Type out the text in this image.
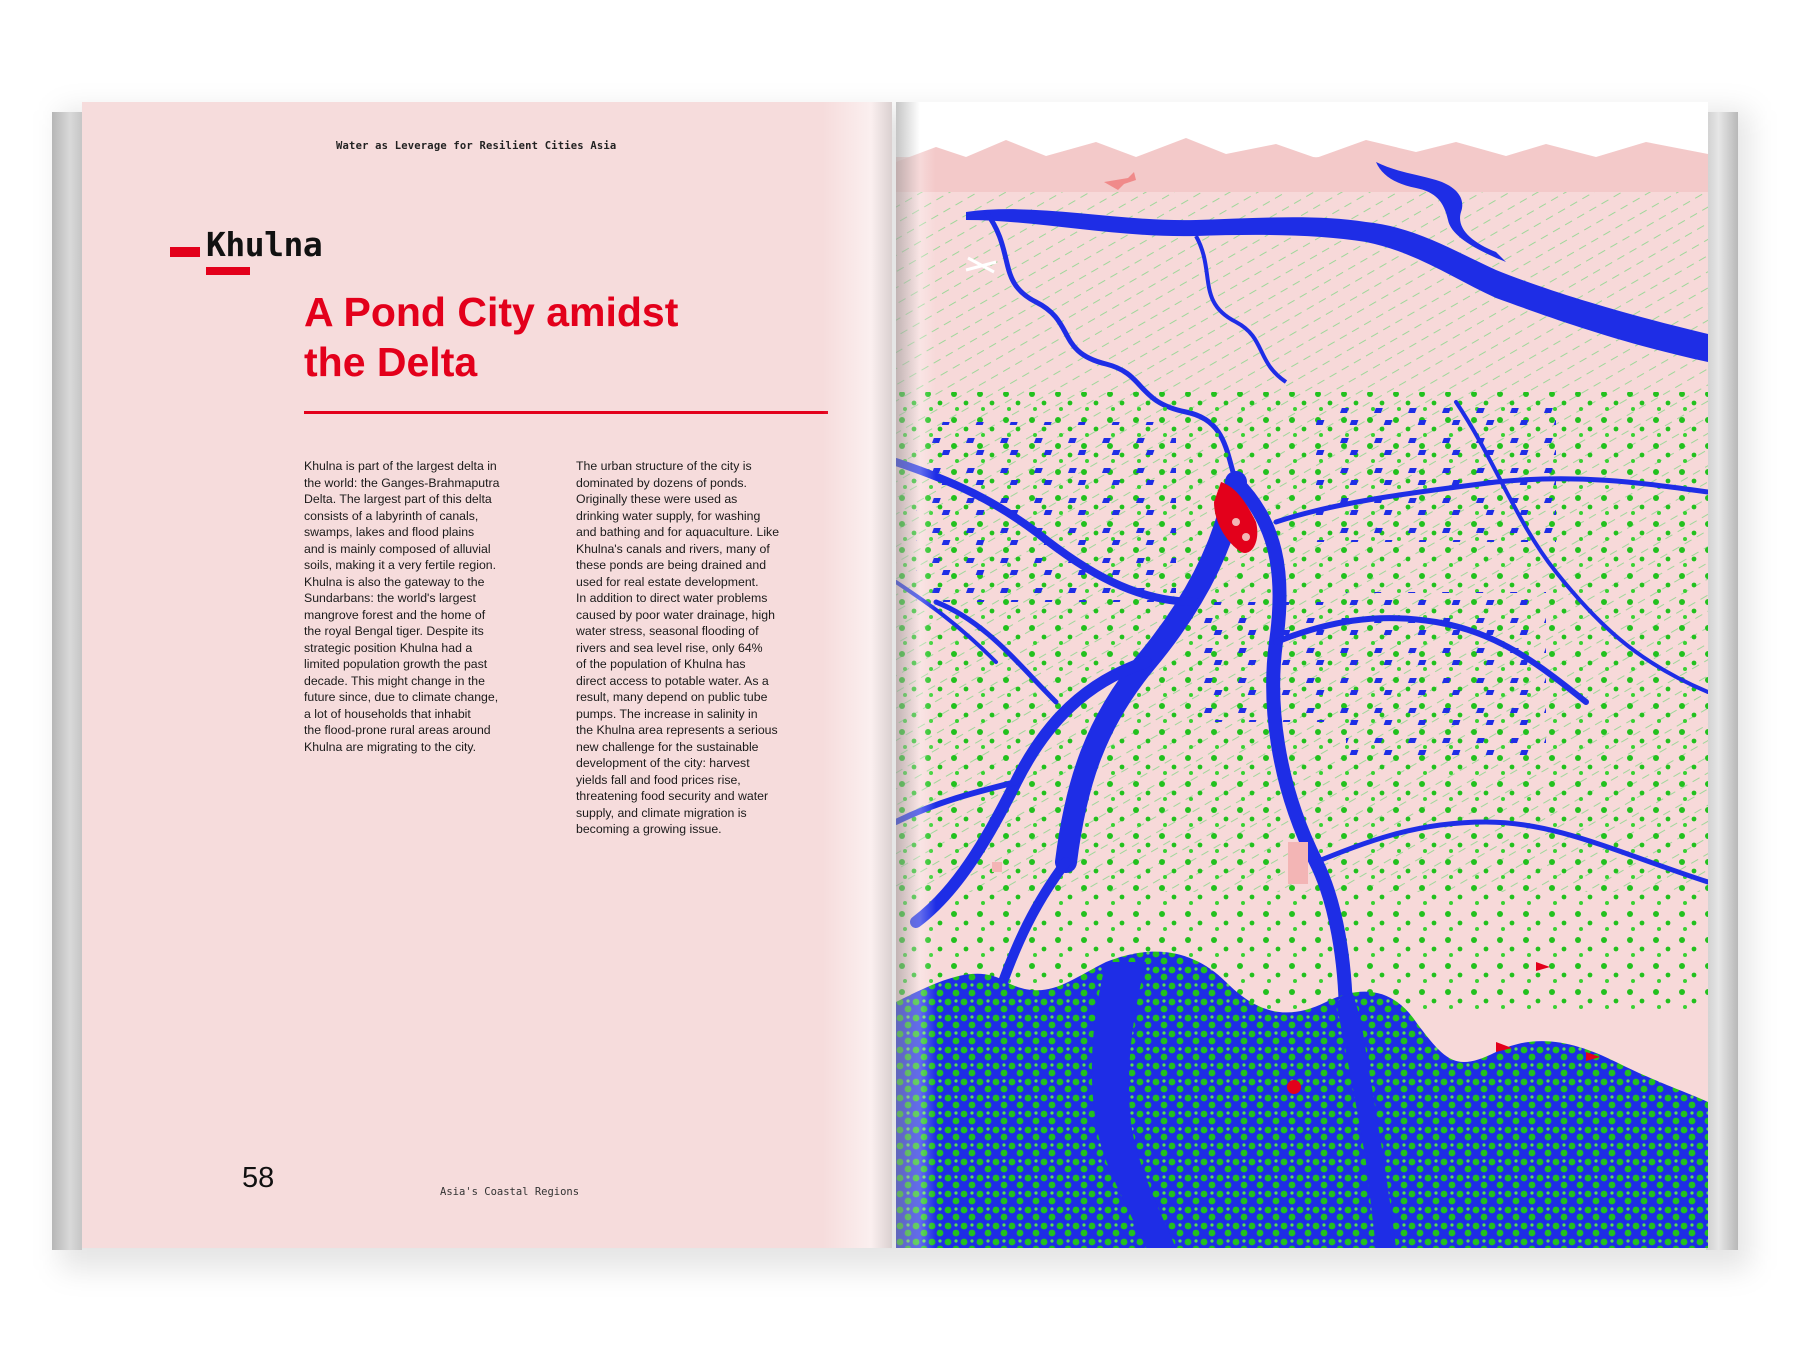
Water as Leverage for Resilient Cities Asia
Khulna
A Pond City amidst
the Delta
Khulna is part of the largest delta in
the world: the Ganges-Brahmaputra
Delta. The largest part of this delta
consists of a labyrinth of canals,
swamps, lakes and flood plains
and is mainly composed of alluvial
soils, making it a very fertile region.
Khulna is also the gateway to the
Sundarbans: the world's largest
mangrove forest and the home of
the royal Bengal tiger. Despite its
strategic position Khulna had a
limited population growth the past
decade. This might change in the
future since, due to climate change,
a lot of households that inhabit
the flood-prone rural areas around
Khulna are migrating to the city.
The urban structure of the city is
dominated by dozens of ponds.
Originally these were used as
drinking water supply, for washing
and bathing and for aquaculture. Like
Khulna's canals and rivers, many of
these ponds are being drained and
used for real estate development.
In addition to direct water problems
caused by poor water drainage, high
water stress, seasonal flooding of
rivers and sea level rise, only 64%
of the population of Khulna has
direct access to potable water. As a
result, many depend on public tube
pumps. The increase in salinity in
the Khulna area represents a serious
new challenge for the sustainable
development of the city: harvest
yields fall and food prices rise,
threatening food security and water
supply, and climate migration is
becoming a growing issue.
58	Asia's Coastal Regions
